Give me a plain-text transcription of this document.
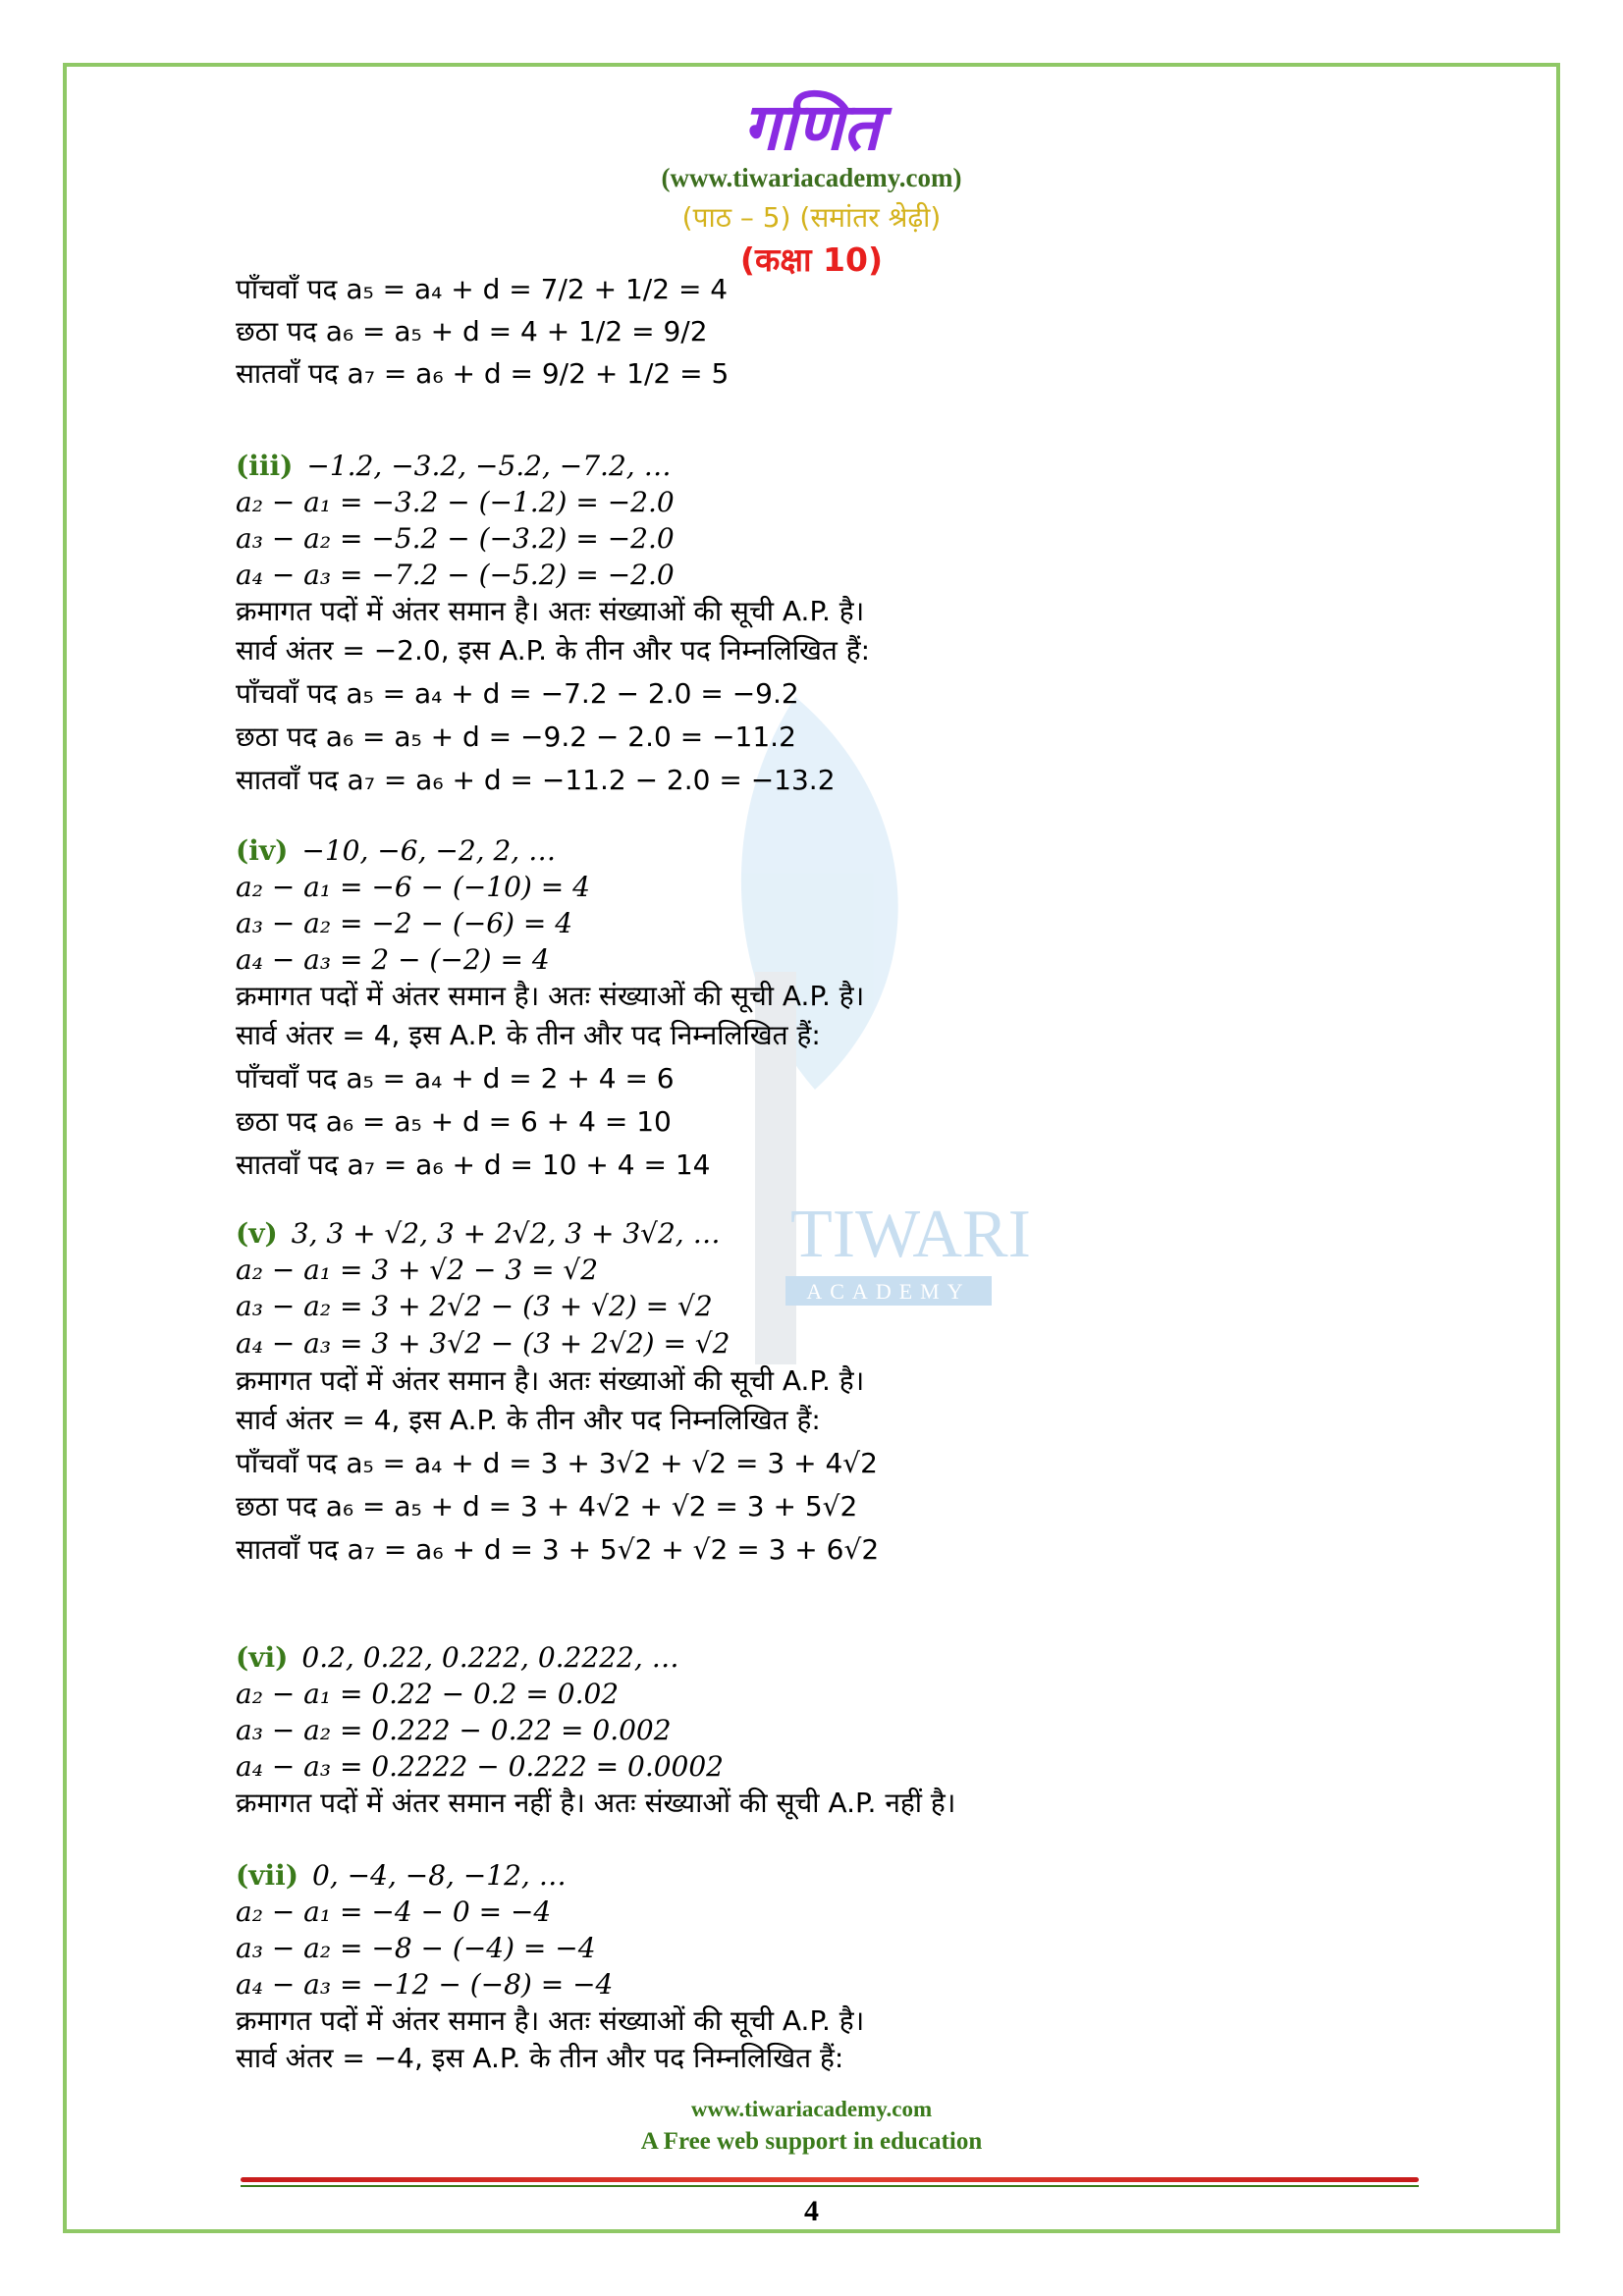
गणित
(www.tiwariacademy.com)
(पाठ – 5) (समांतर श्रेढ़ी)
(कक्षा 10)
TIWARI
ACADEMY
पाँचवाँ पद a₅ = a₄ + d = 7/2 + 1/2 = 4
छठा पद a₆ = a₅ + d = 4 + 1/2 = 9/2
सातवाँ पद a₇ = a₆ + d = 9/2 + 1/2 = 5
(iii) −1.2, −3.2, −5.2, −7.2, …
a₂ − a₁ = −3.2 − (−1.2) = −2.0
a₃ − a₂ = −5.2 − (−3.2) = −2.0
a₄ − a₃ = −7.2 − (−5.2) = −2.0
क्रमागत पदों में अंतर समान है। अतः संख्याओं की सूची A.P. है।
सार्व अंतर = −2.0, इस A.P. के तीन और पद निम्नलिखित हैं:
पाँचवाँ पद a₅ = a₄ + d = −7.2 − 2.0 = −9.2
छठा पद a₆ = a₅ + d = −9.2 − 2.0 = −11.2
सातवाँ पद a₇ = a₆ + d = −11.2 − 2.0 = −13.2
(iv) −10, −6, −2, 2, …
a₂ − a₁ = −6 − (−10) = 4
a₃ − a₂ = −2 − (−6) = 4
a₄ − a₃ = 2 − (−2) = 4
क्रमागत पदों में अंतर समान है। अतः संख्याओं की सूची A.P. है।
सार्व अंतर = 4, इस A.P. के तीन और पद निम्नलिखित हैं:
पाँचवाँ पद a₅ = a₄ + d = 2 + 4 = 6
छठा पद a₆ = a₅ + d = 6 + 4 = 10
सातवाँ पद a₇ = a₆ + d = 10 + 4 = 14
(v) 3, 3 + √2, 3 + 2√2, 3 + 3√2, …
a₂ − a₁ = 3 + √2 − 3 = √2
a₃ − a₂ = 3 + 2√2 − (3 + √2) = √2
a₄ − a₃ = 3 + 3√2 − (3 + 2√2) = √2
क्रमागत पदों में अंतर समान है। अतः संख्याओं की सूची A.P. है।
सार्व अंतर = 4, इस A.P. के तीन और पद निम्नलिखित हैं:
पाँचवाँ पद a₅ = a₄ + d = 3 + 3√2 + √2 = 3 + 4√2
छठा पद a₆ = a₅ + d = 3 + 4√2 + √2 = 3 + 5√2
सातवाँ पद a₇ = a₆ + d = 3 + 5√2 + √2 = 3 + 6√2
(vi) 0.2, 0.22, 0.222, 0.2222, …
a₂ − a₁ = 0.22 − 0.2 = 0.02
a₃ − a₂ = 0.222 − 0.22 = 0.002
a₄ − a₃ = 0.2222 − 0.222 = 0.0002
क्रमागत पदों में अंतर समान नहीं है। अतः संख्याओं की सूची A.P. नहीं है।
(vii) 0, −4, −8, −12, …
a₂ − a₁ = −4 − 0 = −4
a₃ − a₂ = −8 − (−4) = −4
a₄ − a₃ = −12 − (−8) = −4
क्रमागत पदों में अंतर समान है। अतः संख्याओं की सूची A.P. है।
सार्व अंतर = −4, इस A.P. के तीन और पद निम्नलिखित हैं:
www.tiwariacademy.com
A Free web support in education
4
